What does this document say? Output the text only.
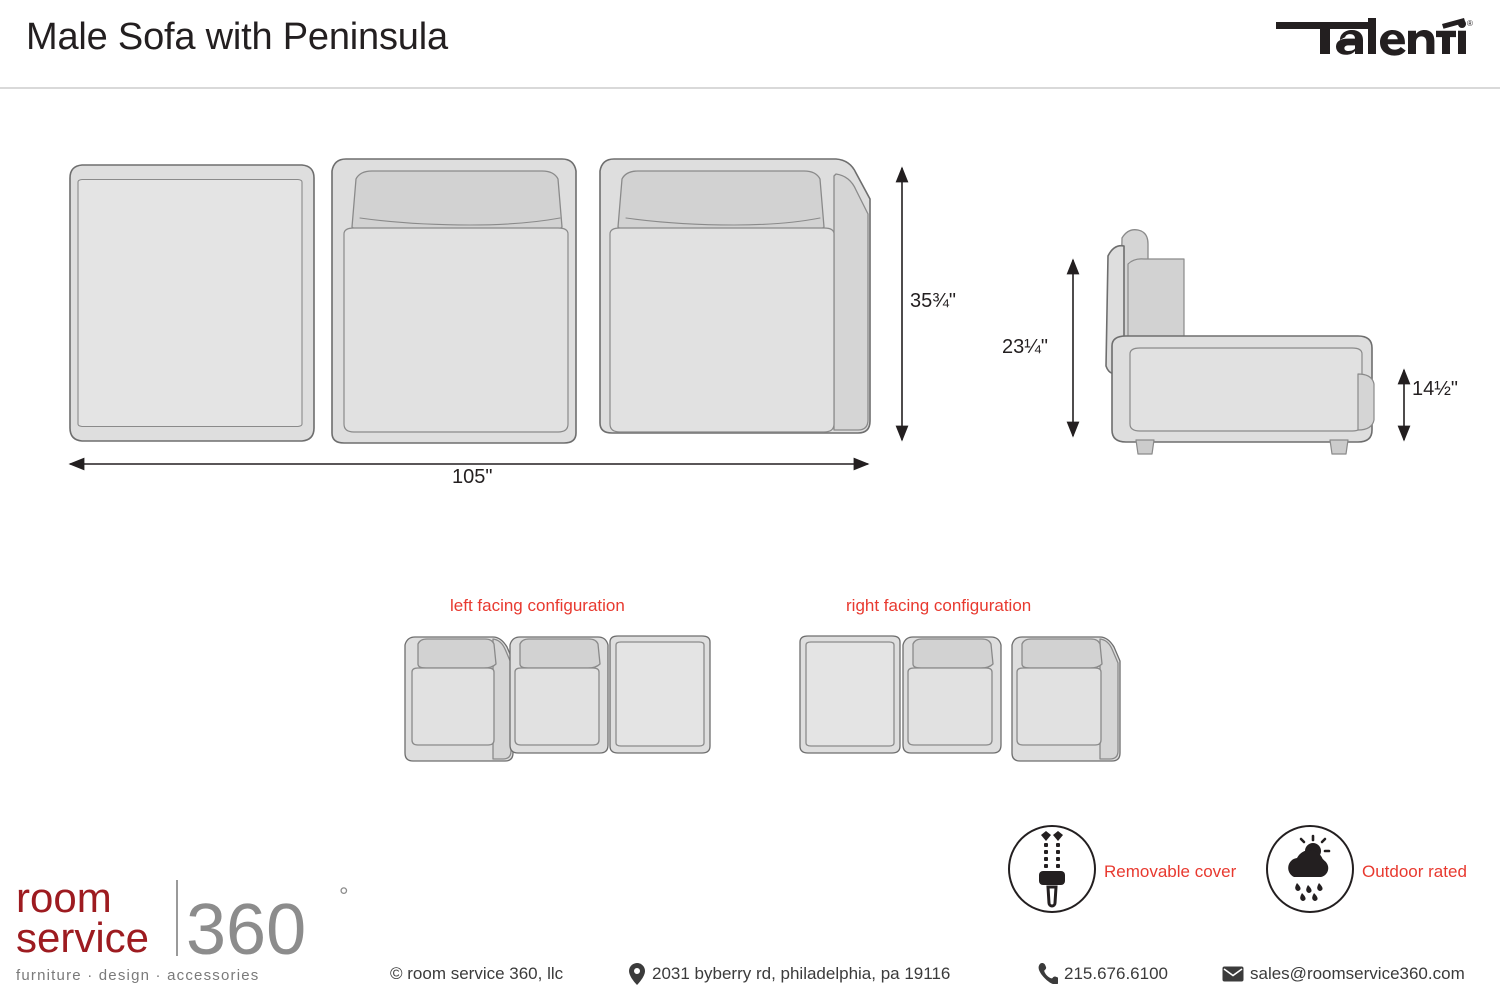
Male Sofa with Peninsula	®
35¾"
105"
23¼"
14½"
left facing configuration	right facing configuration
Removable cover	Outdoor rated
room
service 360 °
furniture · design · accessories	© room service 360, llc	2031 byberry rd, philadelphia, pa 19116	215.676.6100	sales@roomservice360.com
